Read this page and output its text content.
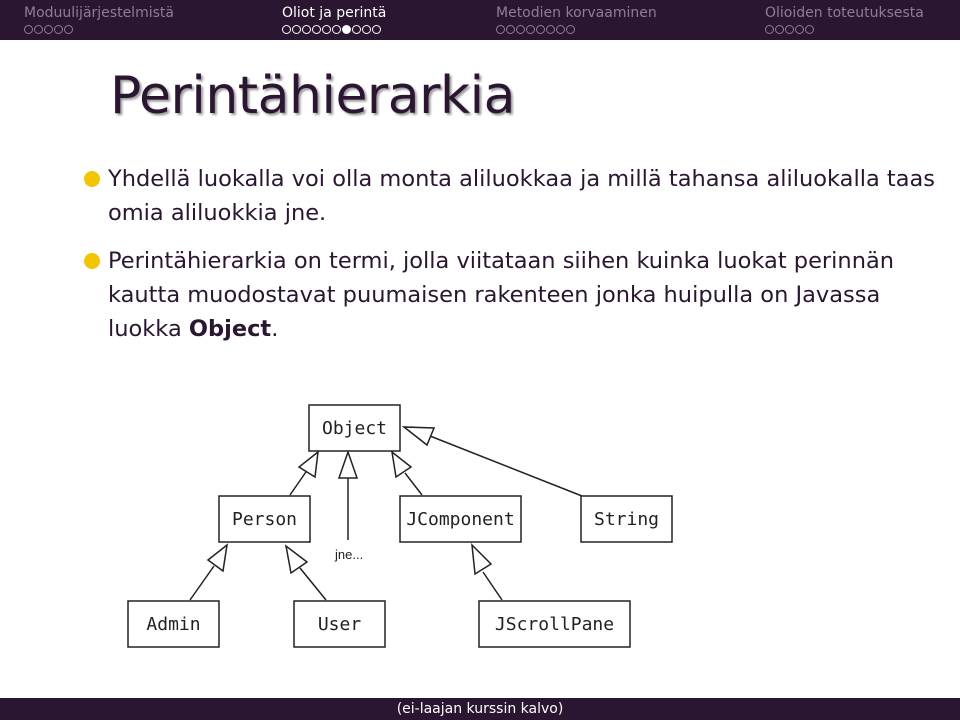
Moduulijärjestelmistä	Oliot ja perintä	Metodien korvaaminen	Olioiden toteutuksesta
Perintähierarkia
Yhdellä luokalla voi olla monta aliluokkaa ja millä tahansa aliluokalla taas omia aliluokkia jne.
Perintähierarkia on termi, jolla viitataan siihen kuinka luokat perinnän kautta muodostavat puumaisen rakenteen jonka huipulla on Javassa luokka Object.
Object
Person	JComponent	String
Admin	User	JScrollPane
jne...
(ei-laajan kurssin kalvo)
